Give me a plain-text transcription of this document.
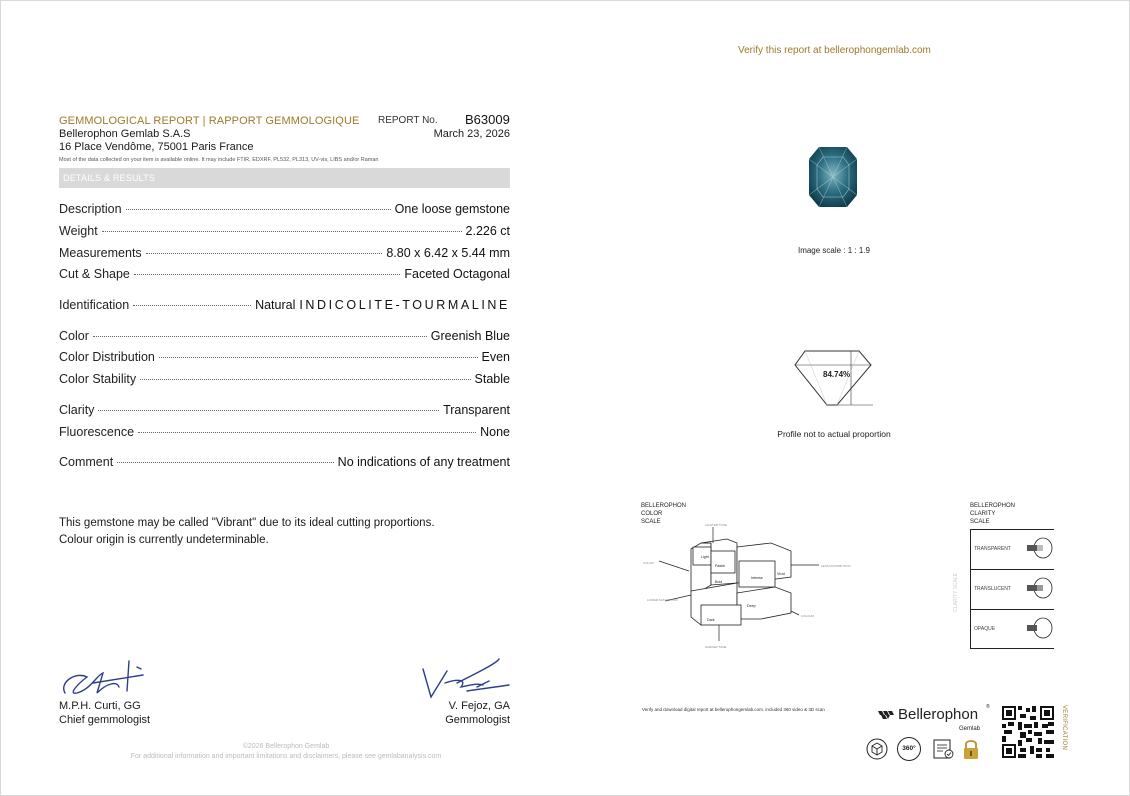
Verify this report at bellerophongemlab.com
GEMMOLOGICAL REPORT | RAPPORT GEMMOLOGIQUE REPORT No. B63009
Bellerophon Gemlab S.A.S
16 Place Vendôme, 75001 Paris France
March 23, 2026
Most of the data collected on your item is available online. It may include FTIR, EDXRF, PL532, PL313, UV-vis, LIBS and/or Raman
DETAILS & RESULTS
Description	One loose gemstone
Weight	2.226 ct
Measurements	8.80 x 6.42 x 5.44 mm
Cut & Shape	Faceted Octagonal
Identification	Natural INDICOLITE-TOURMALINE
Color	Greenish Blue
Color Distribution	Even
Color Stability	Stable
Clarity	Transparent
Fluorescence	None
Comment	No indications of any treatment
This gemstone may be called "Vibrant" due to its ideal cutting proportions.
Colour origin is currently undeterminable.
M.P.H. Curti, GG
Chief gemmologist
V. Fejoz, GA
Gemmologist
©2026 Bellerophon Gemlab
For additional information and important limitations and disclaimers, please see gemlabanalysis.com
Image scale : 1 : 1.9
84.74%
Profile not to actual proportion
BELLEROPHON
COLOR
SCALE
Light
Pastel
Intense
Vivid
Bold
Deep
Dark
LIGHTER TONE
COLOR
LOWER SATURATION
LESS DISTRIBUTION
COLOUR
DARKER TONE
BELLEROPHON
CLARITY
SCALE
CLARITY SCALE
TRANSPARENT
TRANSLUCENT
OPAQUE
Verify and download digital report at bellerophongemlab.com. included 360 video & 3D scan	Bellerophon ®
Gemlab
360°	VERIFICATION
